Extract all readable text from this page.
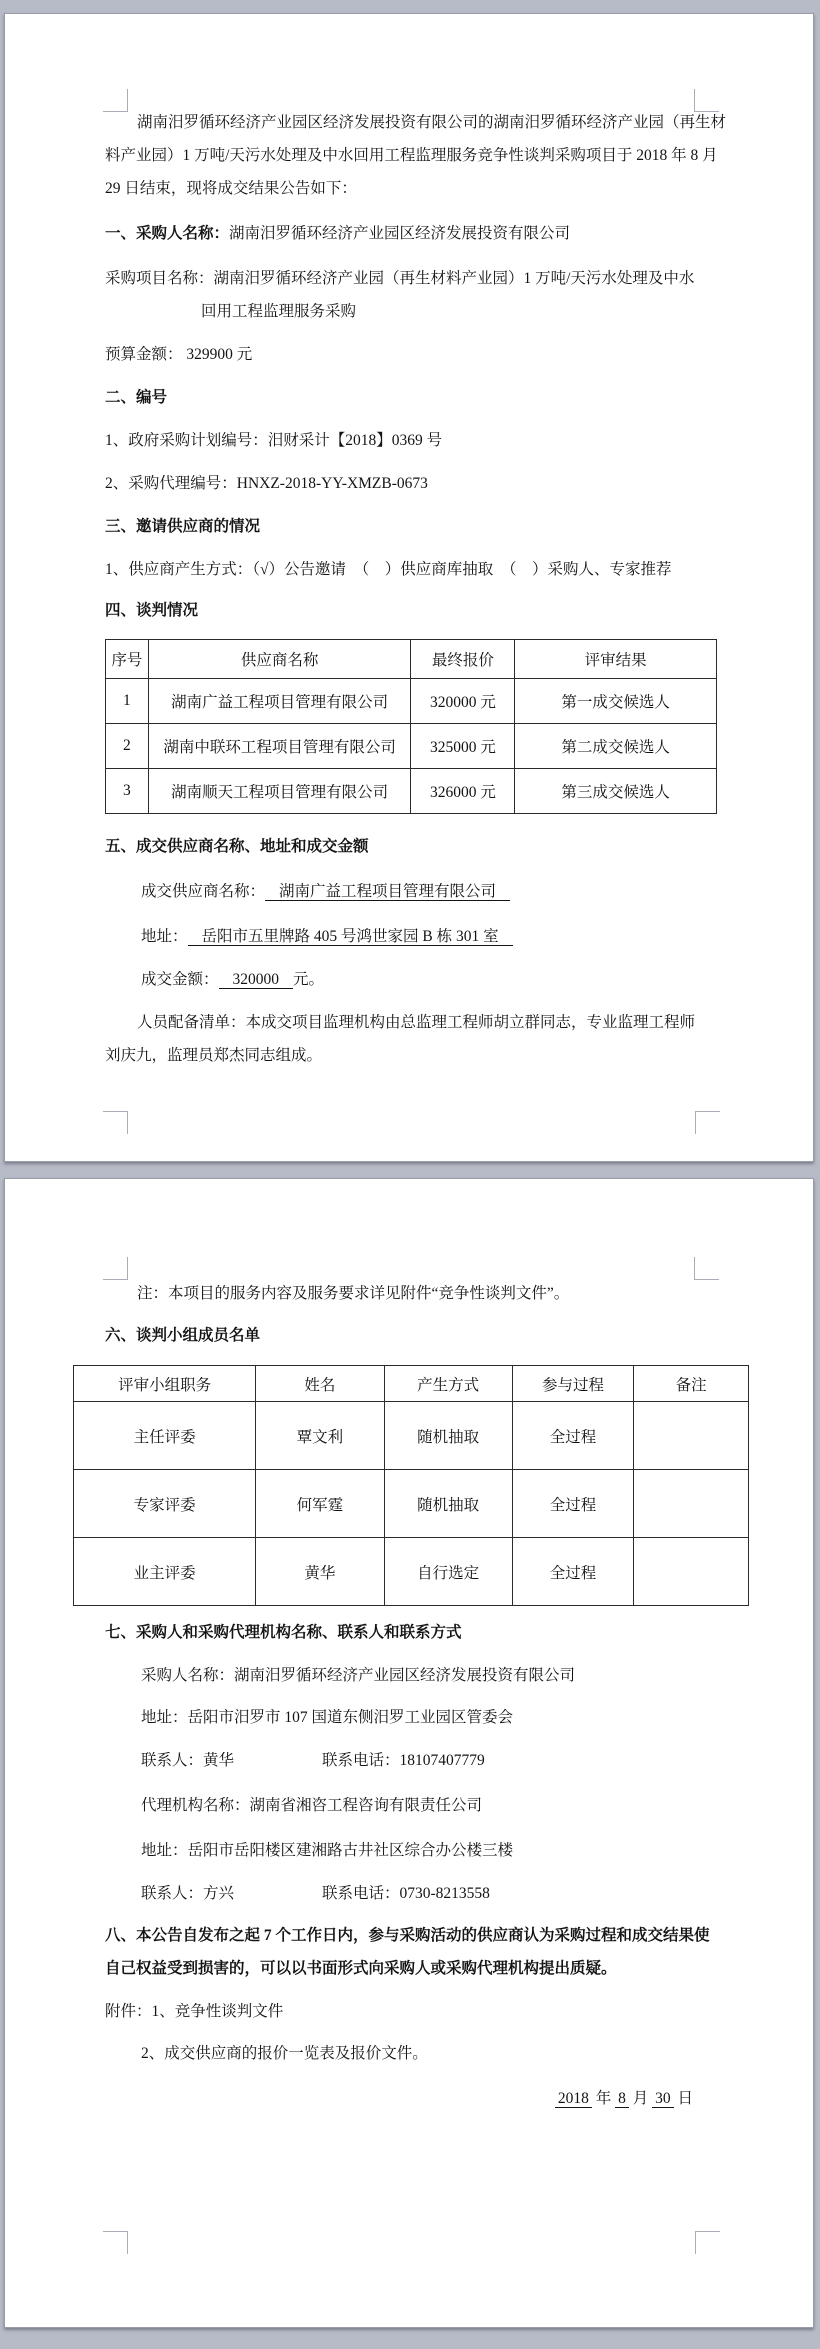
湖南汨罗循环经济产业园区经济发展投资有限公司的湖南汨罗循环经济产业园（再生材
料产业园）1 万吨/天污水处理及中水回用工程监理服务竞争性谈判采购项目于 2018 年 8 月
29 日结束，现将成交结果公告如下：
一、采购人名称：湖南汨罗循环经济产业园区经济发展投资有限公司
采购项目名称：湖南汨罗循环经济产业园（再生材料产业园）1 万吨/天污水处理及中水
回用工程监理服务采购
预算金额： 329900 元
二、编号
1、政府采购计划编号：汨财采计【2018】0369 号
2、采购代理编号：HNXZ-2018-YY-XMZB-0673
三、邀请供应商的情况
1、供应商产生方式：（√）公告邀请　（　）供应商库抽取　（　）采购人、专家推荐
四、谈判情况
序号	供应商名称	最终报价	评审结果
1	湖南广益工程项目管理有限公司	320000 元	第一成交候选人
2	湖南中联环工程项目管理有限公司	325000 元	第二成交候选人
3	湖南顺天工程项目管理有限公司	326000 元	第三成交候选人
五、成交供应商名称、地址和成交金额
成交供应商名称： 湖南广益工程项目管理有限公司
地址： 岳阳市五里牌路 405 号鸿世家园 B 栋 301 室
成交金额： 320000 元。
人员配备清单：本成交项目监理机构由总监理工程师胡立群同志，专业监理工程师
刘庆九，监理员郑杰同志组成。
注：本项目的服务内容及服务要求详见附件“竞争性谈判文件”。
六、谈判小组成员名单
评审小组职务	姓名	产生方式	参与过程	备注
主任评委	覃文利	随机抽取	全过程	
专家评委	何军霆	随机抽取	全过程	
业主评委	黄华	自行选定	全过程	
七、采购人和采购代理机构名称、联系人和联系方式
采购人名称：湖南汨罗循环经济产业园区经济发展投资有限公司
地址：岳阳市汨罗市 107 国道东侧汨罗工业园区管委会
联系人：黄华	联系电话：18107407779
代理机构名称：湖南省湘咨工程咨询有限责任公司
地址：岳阳市岳阳楼区建湘路古井社区综合办公楼三楼
联系人：方兴	联系电话：0730-8213558
八、本公告自发布之起 7 个工作日内，参与采购活动的供应商认为采购过程和成交结果使
自己权益受到损害的，可以以书面形式向采购人或采购代理机构提出质疑。
附件：1、竞争性谈判文件
2、成交供应商的报价一览表及报价文件。
2018 年 8 月 30 日
